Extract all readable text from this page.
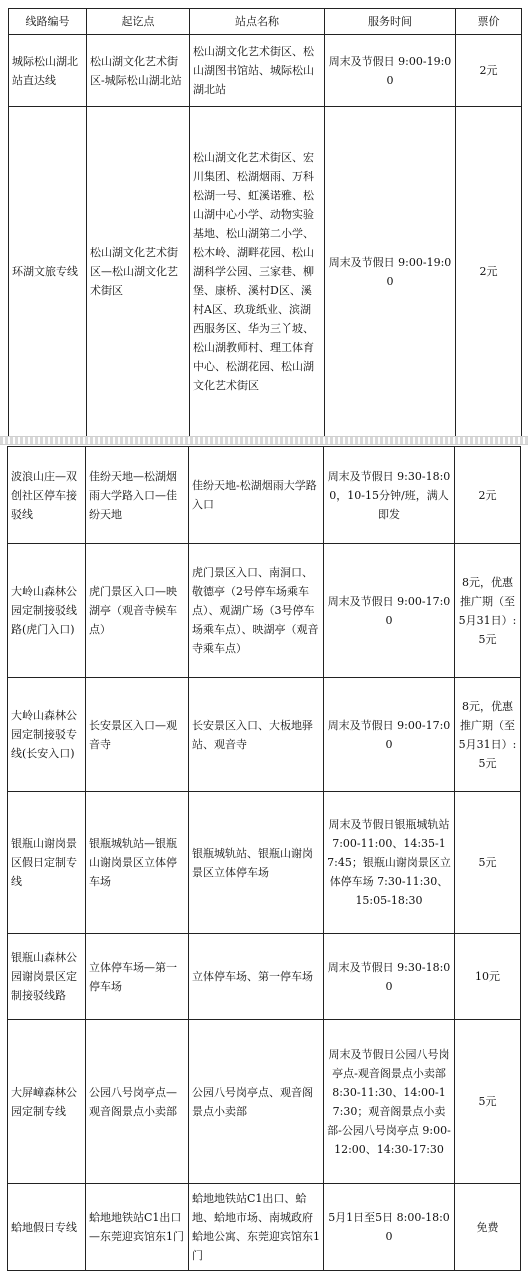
线路编号	起讫点	站点名称	服务时间	票价
城际松山湖北站直达线	松山湖文化艺术街区-城际松山湖北站	松山湖文化艺术街区、松山湖图书馆站、城际松山湖北站	周末及节假日 9:00-19:00	2元
环湖文旅专线	松山湖文化艺术街区—松山湖文化艺术街区	松山湖文化艺术街区、宏川集团、松湖烟雨、万科松湖一号、虹溪诺雅、松山湖中心小学、动物实验基地、松山湖第二小学、松木岭、湖畔花园、松山湖科学公园、三家巷、柳堡、康桥、溪村D区、溪村A区、玖珑纸业、滨湖西服务区、华为三丫坡、松山湖教师村、理工体育中心、松湖花园、松山湖文化艺术街区	周末及节假日 9:00-19:00	2元
波浪山庄—双创社区停车接驳线	佳纷天地—松湖烟雨大学路入口—佳纷天地	佳纷天地-松湖烟雨大学路入口	周末及节假日 9:30-18:00，10-15分钟/班，满人即发	2元
大岭山森林公园定制接驳线路(虎门入口)	虎门景区入口—映湖亭（观音寺候车点）	虎门景区入口、南洞口、敬德亭（2号停车场乘车点）、观湖广场（3号停车场乘车点）、映湖亭（观音寺乘车点）	周末及节假日 9:00-17:00	8元，优惠推广期（至5月31日）:5元
大岭山森林公园定制接驳专线(长安入口)	长安景区入口—观音寺	长安景区入口、大板地驿站、观音寺	周末及节假日 9:00-17:00	8元，优惠推广期（至5月31日）:5元
银瓶山谢岗景区假日定制专线	银瓶城轨站—银瓶山谢岗景区立体停车场	银瓶城轨站、银瓶山谢岗景区立体停车场	周末及节假日银瓶城轨站 7:00-11:00、14:35-17:45；银瓶山谢岗景区立体停车场 7:30-11:30、15:05-18:30	5元
银瓶山森林公园谢岗景区定制接驳线路	立体停车场—第一停车场	立体停车场、第一停车场	周末及节假日 9:30-18:00	10元
大屏嶂森林公园定制专线	公园八号岗亭点—观音阁景点小卖部	公园八号岗亭点、观音阁景点小卖部	周末及节假日公园八号岗亭点-观音阁景点小卖部 8:30-11:30、14:00-17:30；观音阁景点小卖部-公园八号岗亭点 9:00-12:00、14:30-17:30	5元
蛤地假日专线	蛤地地铁站C1出口—东莞迎宾馆东1门	蛤地地铁站C1出口、蛤地、蛤地市场、南城政府蛤地公寓、东莞迎宾馆东1门	5月1日至5日 8:00-18:00	免费
